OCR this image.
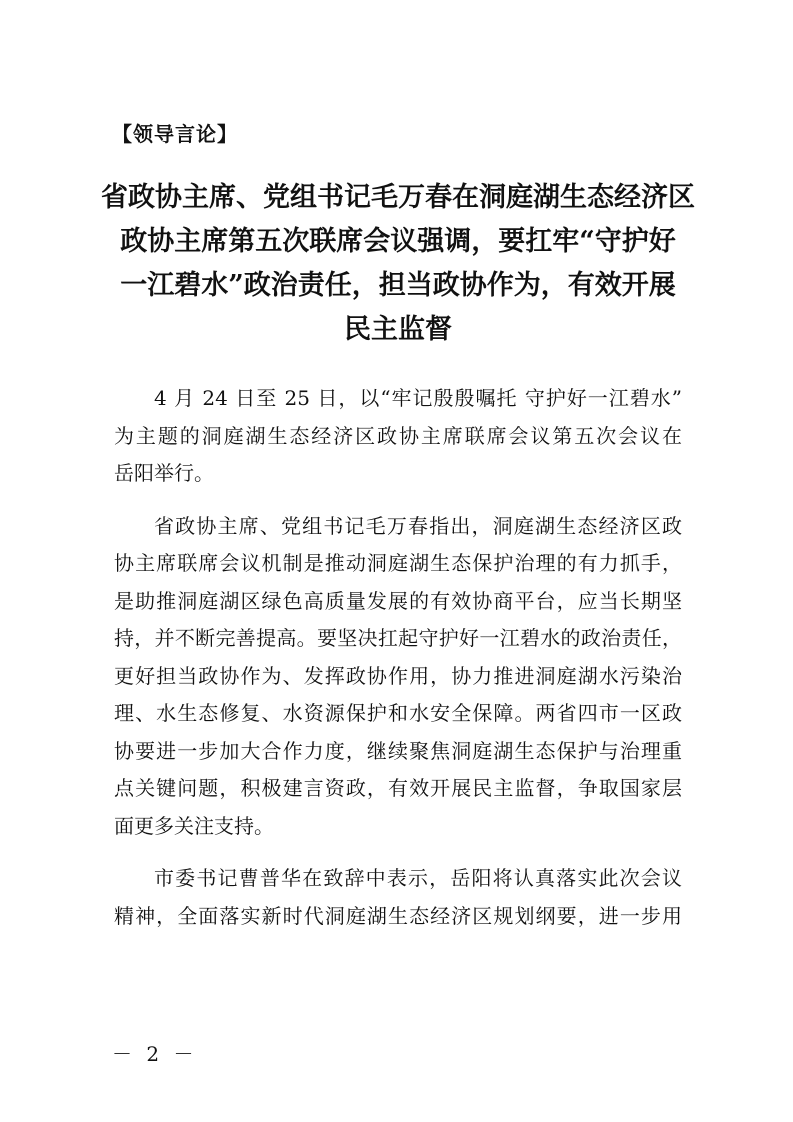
【领导言论】
省政协主席、党组书记毛万春在洞庭湖生态经济区
政协主席第五次联席会议强调，要扛牢“守护好
一江碧水”政治责任，担当政协作为，有效开展
民主监督
4 月 24 日至 25 日，以“牢记殷殷嘱托 守护好一江碧水”
为主题的洞庭湖生态经济区政协主席联席会议第五次会议在
岳阳举行。
省政协主席、党组书记毛万春指出，洞庭湖生态经济区政
协主席联席会议机制是推动洞庭湖生态保护治理的有力抓手，
是助推洞庭湖区绿色高质量发展的有效协商平台，应当长期坚
持，并不断完善提高。要坚决扛起守护好一江碧水的政治责任，
更好担当政协作为、发挥政协作用，协力推进洞庭湖水污染治
理、水生态修复、水资源保护和水安全保障。两省四市一区政
协要进一步加大合作力度，继续聚焦洞庭湖生态保护与治理重
点关键问题，积极建言资政，有效开展民主监督，争取国家层
面更多关注支持。
市委书记曹普华在致辞中表示，岳阳将认真落实此次会议
精神，全面落实新时代洞庭湖生态经济区规划纲要，进一步用
－ 2 －
